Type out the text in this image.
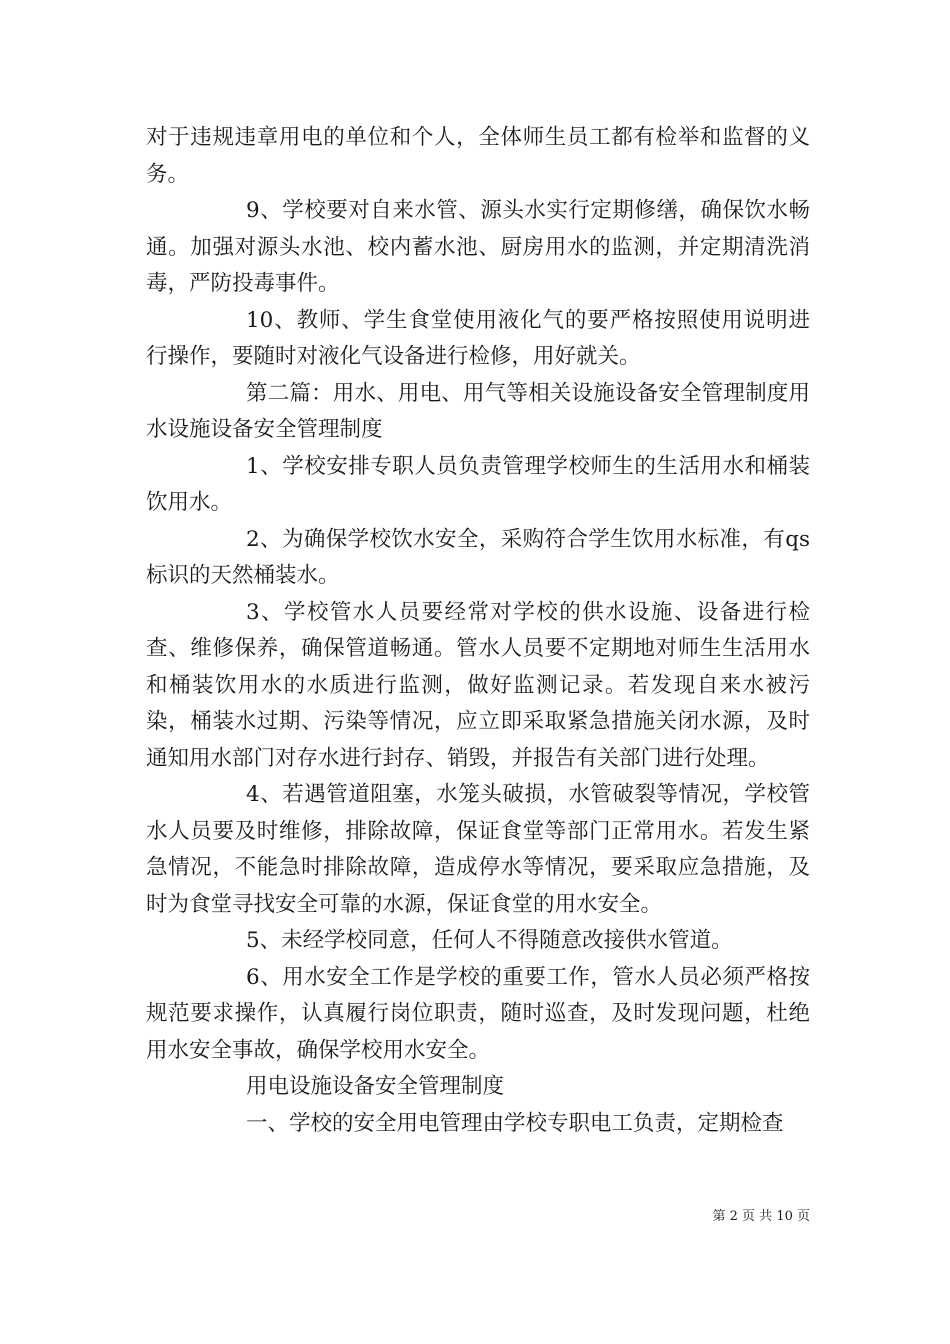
对于违规违章用电的单位和个人，全体师生员工都有检举和监督的义务。

9、学校要对自来水管、源头水实行定期修缮，确保饮水畅通。加强对源头水池、校内蓄水池、厨房用水的监测，并定期清洗消毒，严防投毒事件。

10、教师、学生食堂使用液化气的要严格按照使用说明进行操作，要随时对液化气设备进行检修，用好就关。

第二篇：用水、用电、用气等相关设施设备安全管理制度用水设施设备安全管理制度

1、学校安排专职人员负责管理学校师生的生活用水和桶装饮用水。

2、为确保学校饮水安全，采购符合学生饮用水标准，有qs标识的天然桶装水。

3、学校管水人员要经常对学校的供水设施、设备进行检查、维修保养，确保管道畅通。管水人员要不定期地对师生生活用水和桶装饮用水的水质进行监测，做好监测记录。若发现自来水被污染，桶装水过期、污染等情况，应立即采取紧急措施关闭水源，及时通知用水部门对存水进行封存、销毁，并报告有关部门进行处理。

4、若遇管道阻塞，水笼头破损，水管破裂等情况，学校管水人员要及时维修，排除故障，保证食堂等部门正常用水。若发生紧急情况，不能急时排除故障，造成停水等情况，要采取应急措施，及时为食堂寻找安全可靠的水源，保证食堂的用水安全。

5、未经学校同意，任何人不得随意改接供水管道。

6、用水安全工作是学校的重要工作，管水人员必须严格按规范要求操作，认真履行岗位职责，随时巡查，及时发现问题，杜绝用水安全事故，确保学校用水安全。

用电设施设备安全管理制度

一、学校的安全用电管理由学校专职电工负责，定期检查

第 2 页 共 10 页
